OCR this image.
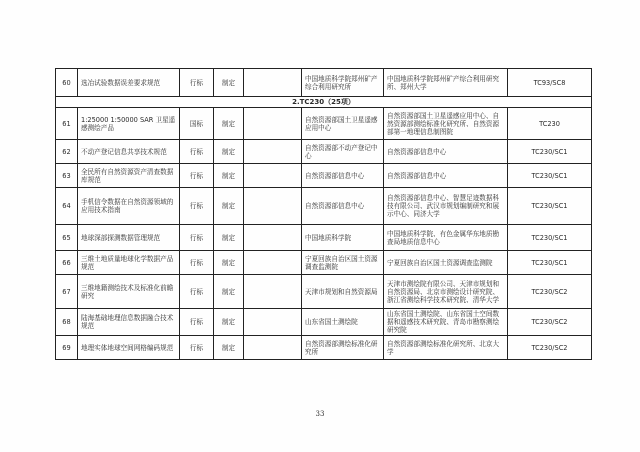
60	选冶试验数据误差要求规范	行标	制定		中国地质科学院郑州矿产综合利用研究所	中国地质科学院郑州矿产综合利用研究所、郑州大学	TC93/SC8
2.TC230（25项）							
61	1:25000 1:50000 SAR 卫星遥感测绘产品	国标	制定		自然资源部国土卫星遥感应用中心	自然资源部国土卫星遥感应用中心、自然资源部测绘标准化研究所、自然资源部第一地理信息制图院	TC230
62	不动产登记信息共享技术规范	行标	制定		自然资源部不动产登记中心	自然资源部信息中心	TC230/SC1
63	全民所有自然资源资产清查数据库规范	行标	制定		自然资源部信息中心	自然资源部信息中心	TC230/SC1
64	手机信令数据在自然资源领域的应用技术指南	行标	制定		自然资源部信息中心	自然资源部信息中心、智慧足迹数据科技有限公司、武汉市规划编制研究和展示中心、同济大学	TC230/SC1
65	地球深部探测数据管理规范	行标	制定		中国地质科学院	中国地质科学院、有色金属华东地质勘查局地质信息中心	TC230/SC1
66	三维土地质量地球化学数据产品规范	行标	制定		宁夏回族自治区国土资源调查监测院	宁夏回族自治区国土资源调查监测院	TC230/SC1
67	三维地籍测绘技术及标准化前瞻研究	行标	制定		天津市规划和自然资源局	天津市测绘院有限公司、天津市规划和自然资源局、北京市测绘设计研究院、浙江省测绘科学技术研究院、清华大学	TC230/SC2
68	陆海基础地理信息数据融合技术规范	行标	制定		山东省国土测绘院	山东省国土测绘院、山东省国土空间数据和遥感技术研究院、青岛市勘察测绘研究院	TC230/SC2
69	地理实体地球空间网格编码规范	行标	制定		自然资源部测绘标准化研究所	自然资源部测绘标准化研究所、北京大学	TC230/SC2
33
